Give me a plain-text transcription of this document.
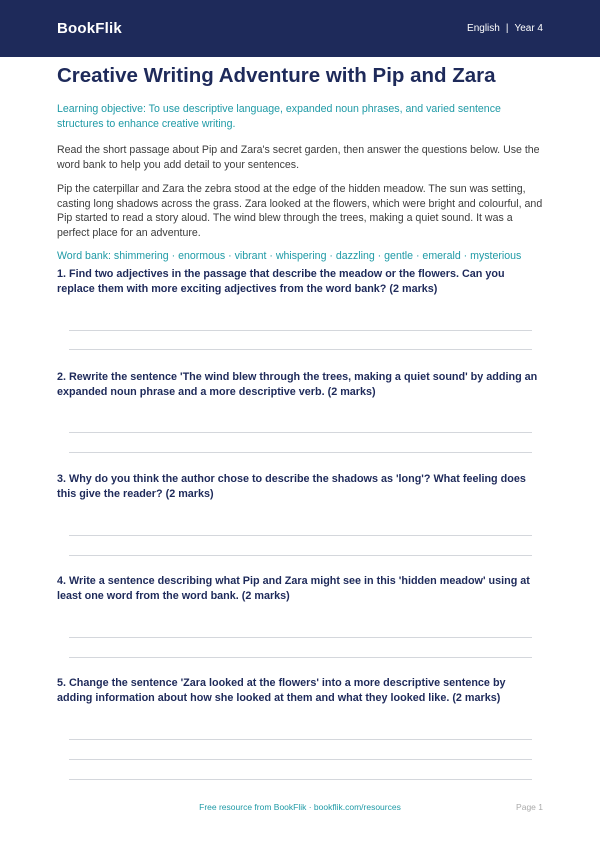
BookFlik	English | Year 4
Creative Writing Adventure with Pip and Zara
Learning objective: To use descriptive language, expanded noun phrases, and varied sentence structures to enhance creative writing.
Read the short passage about Pip and Zara's secret garden, then answer the questions below. Use the word bank to help you add detail to your sentences.
Pip the caterpillar and Zara the zebra stood at the edge of the hidden meadow. The sun was setting, casting long shadows across the grass. Zara looked at the flowers, which were bright and colourful, and Pip started to read a story aloud. The wind blew through the trees, making a quiet sound. It was a perfect place for an adventure.
Word bank: shimmering · enormous · vibrant · whispering · dazzling · gentle · emerald · mysterious
1. Find two adjectives in the passage that describe the meadow or the flowers. Can you replace them with more exciting adjectives from the word bank? (2 marks)
2. Rewrite the sentence 'The wind blew through the trees, making a quiet sound' by adding an expanded noun phrase and a more descriptive verb. (2 marks)
3. Why do you think the author chose to describe the shadows as 'long'? What feeling does this give the reader? (2 marks)
4. Write a sentence describing what Pip and Zara might see in this 'hidden meadow' using at least one word from the word bank. (2 marks)
5. Change the sentence 'Zara looked at the flowers' into a more descriptive sentence by adding information about how she looked at them and what they looked like. (2 marks)
Free resource from BookFlik · bookflik.com/resources	Page 1
